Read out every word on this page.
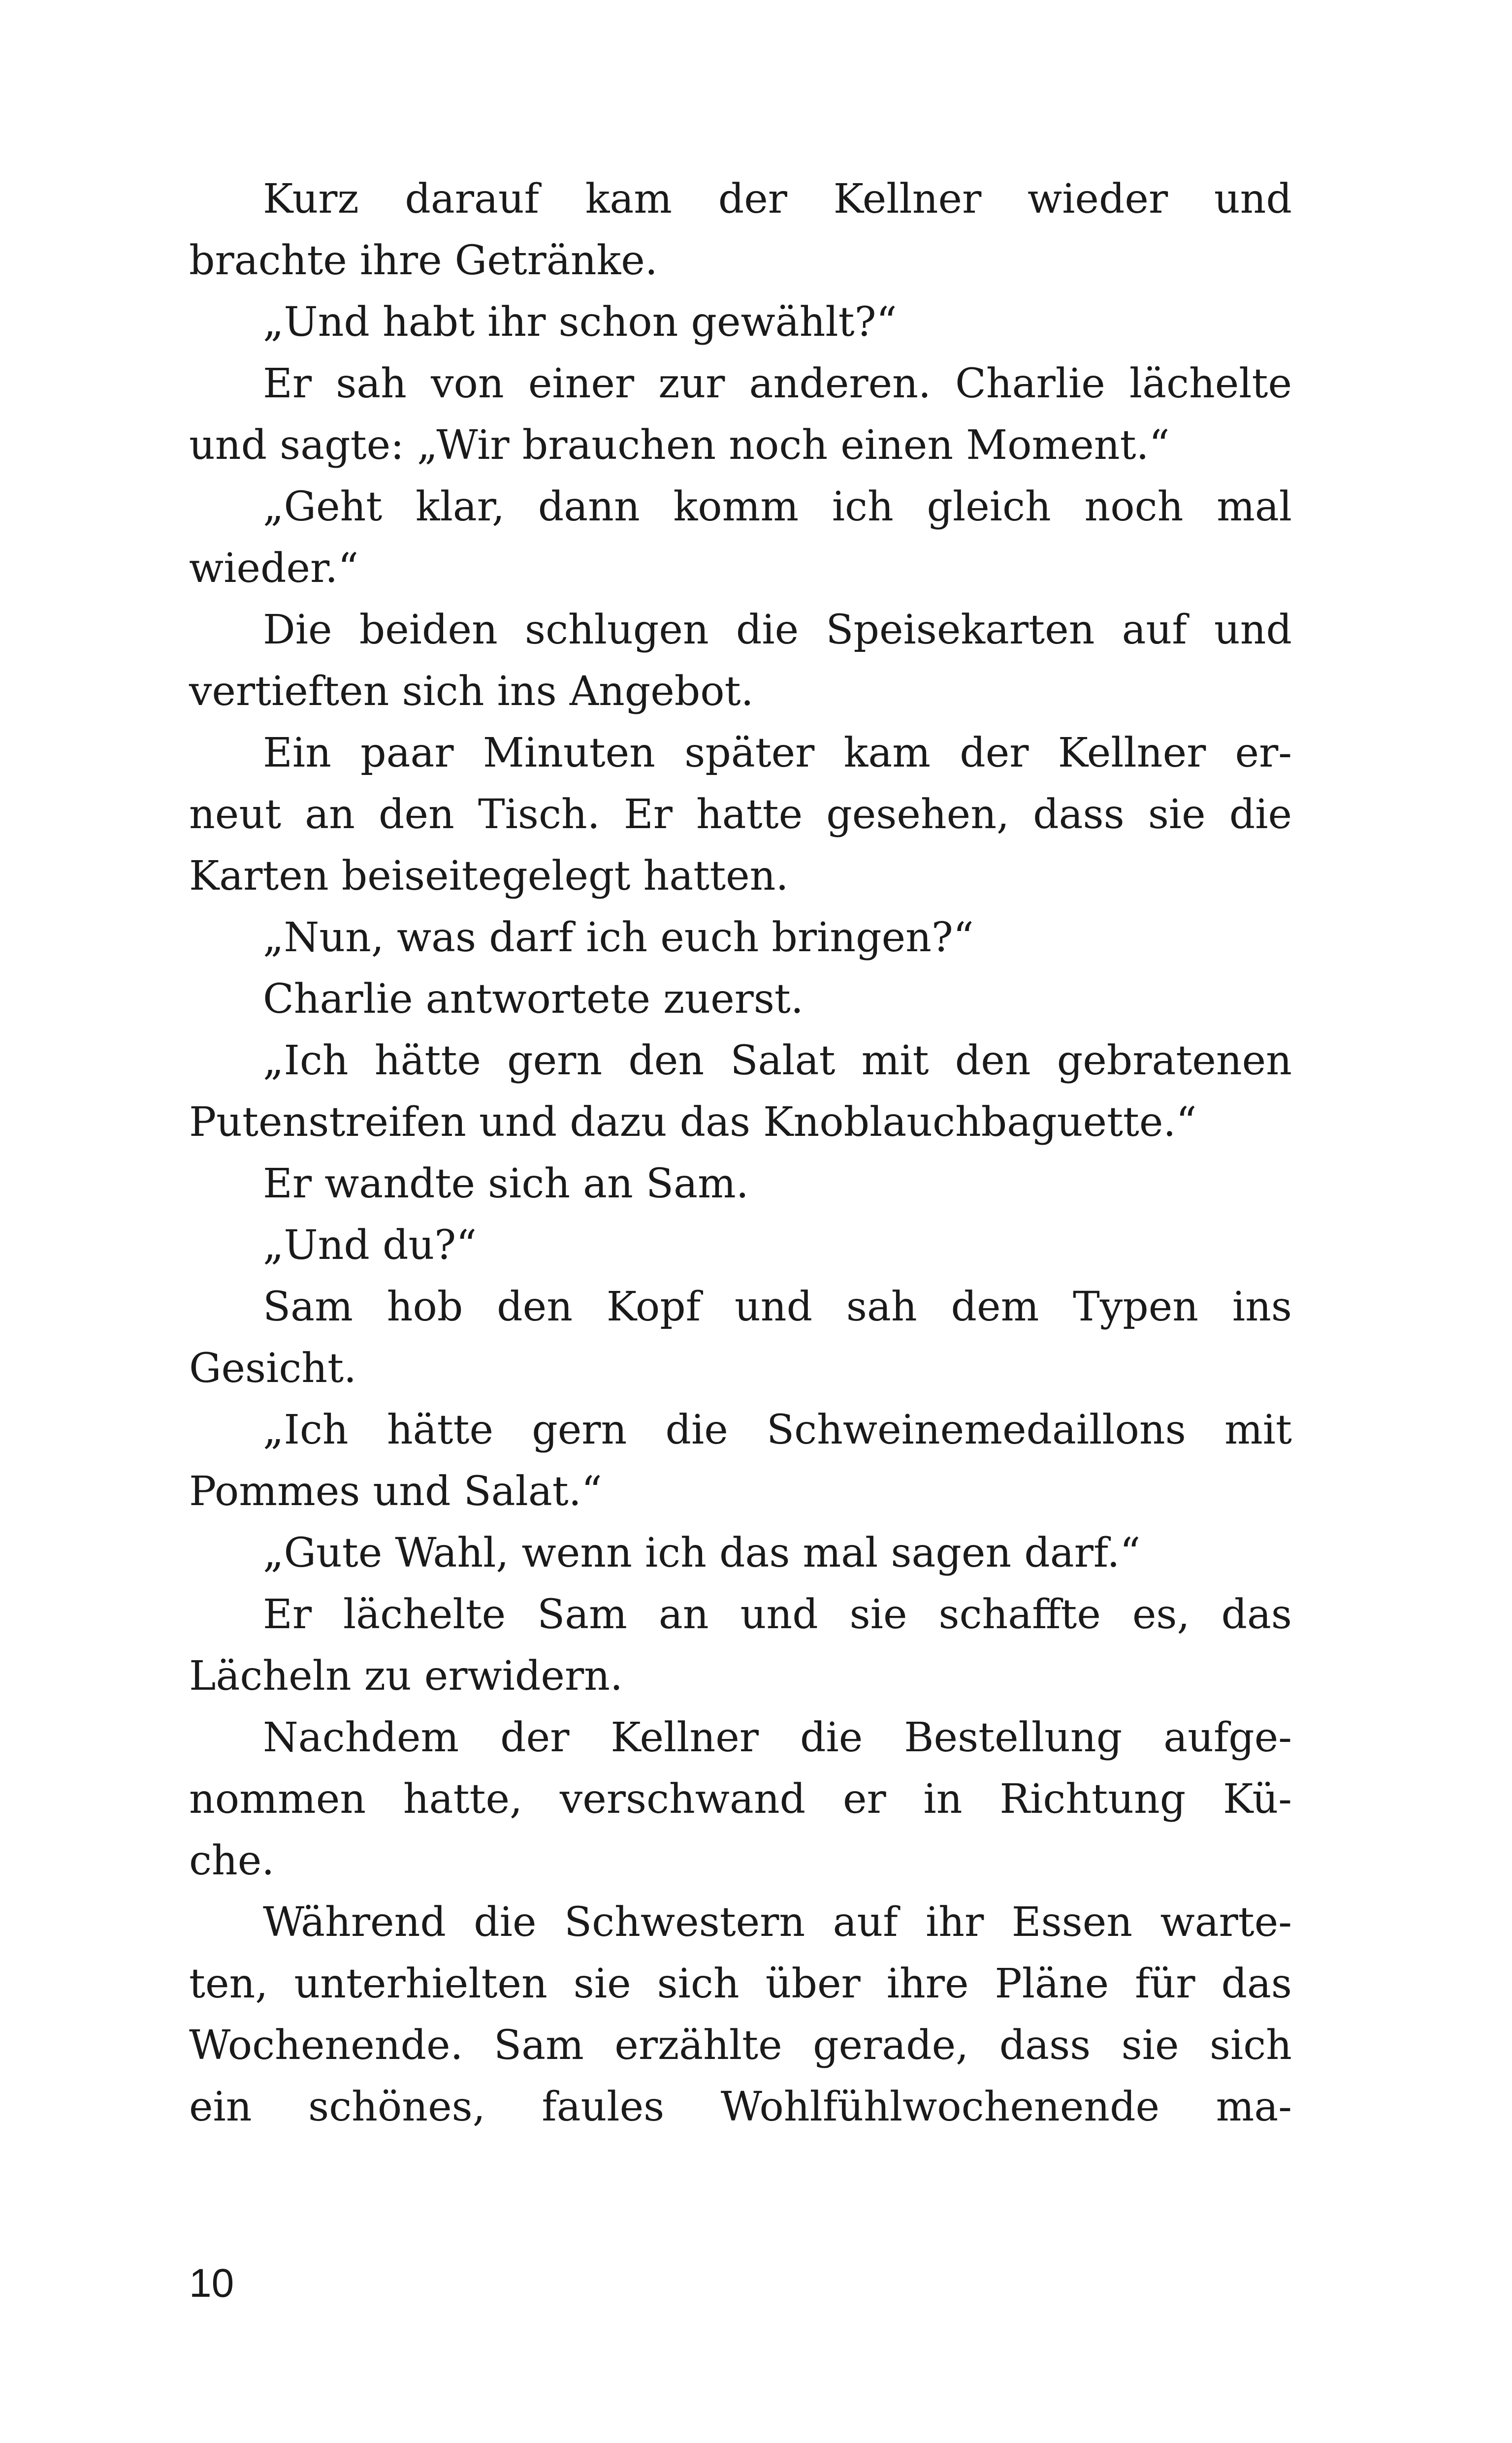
Kurz darauf kam der Kellner wieder und
brachte ihre Getränke.
„Und habt ihr schon gewählt?“
Er sah von einer zur anderen. Charlie lächelte
und sagte: „Wir brauchen noch einen Moment.“
„Geht klar, dann komm ich gleich noch mal
wieder.“
Die beiden schlugen die Speisekarten auf und
vertieften sich ins Angebot.
Ein paar Minuten später kam der Kellner er-
neut an den Tisch. Er hatte gesehen, dass sie die
Karten beiseitegelegt hatten.
„Nun, was darf ich euch bringen?“
Charlie antwortete zuerst.
„Ich hätte gern den Salat mit den gebratenen
Putenstreifen und dazu das Knoblauchbaguette.“
Er wandte sich an Sam.
„Und du?“
Sam hob den Kopf und sah dem Typen ins
Gesicht.
„Ich hätte gern die Schweinemedaillons mit
Pommes und Salat.“
„Gute Wahl, wenn ich das mal sagen darf.“
Er lächelte Sam an und sie schaffte es, das
Lächeln zu erwidern.
Nachdem der Kellner die Bestellung aufge-
nommen hatte, verschwand er in Richtung Kü-
che.
Während die Schwestern auf ihr Essen warte-
ten, unterhielten sie sich über ihre Pläne für das
Wochenende. Sam erzählte gerade, dass sie sich
ein schönes, faules Wohlfühlwochenende ma-
10
